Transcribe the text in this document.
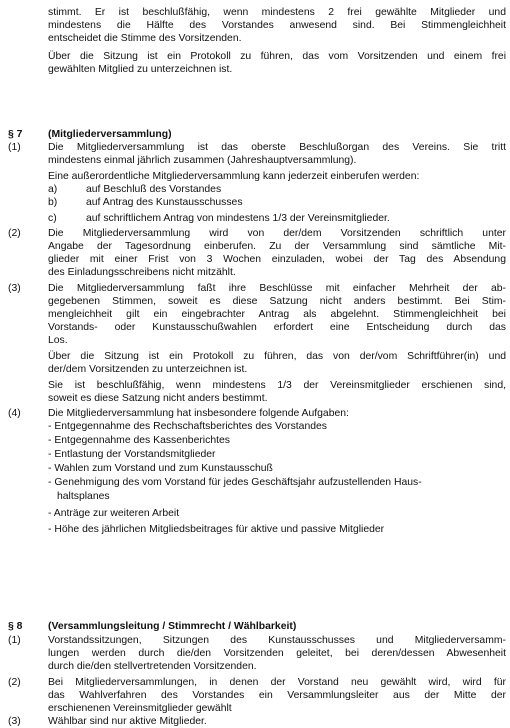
stimmt. Er ist beschlußfähig, wenn mindestens 2 frei gewählte Mitglieder und
mindestens die Hälfte des Vorstandes anwesend sind. Bei Stimmengleichheit
entscheidet die Stimme des Vorsitzenden.
Über die Sitzung ist ein Protokoll zu führen, das vom Vorsitzenden und einem frei
gewählten Mitglied zu unterzeichnen ist.
§ 7 (Mitgliederversammlung)
(1)	Die Mitgliederversammlung ist das oberste Beschlußorgan des Vereins. Sie tritt
mindestens einmal jährlich zusammen (Jahreshauptversammlung).
Eine außerordentliche Mitgliederversammlung kann jederzeit einberufen werden:
a)	auf Beschluß des Vorstandes
b)	auf Antrag des Kunstausschusses
c)	auf schriftlichem Antrag von mindestens 1/3 der Vereinsmitglieder.
(2)	Die Mitgliederversammlung wird von der/dem Vorsitzenden schriftlich unter
Angabe der Tagesordnung einberufen. Zu der Versammlung sind sämtliche Mit-
glieder mit einer Frist von 3 Wochen einzuladen, wobei der Tag des Absendung
des Einladungsschreibens nicht mitzählt.
(3)	Die Mitgliederversammlung faßt ihre Beschlüsse mit einfacher Mehrheit der ab-
gegebenen Stimmen, soweit es diese Satzung nicht anders bestimmt. Bei Stim-
mengleichheit gilt ein eingebrachter Antrag als abgelehnt. Stimmengleichheit bei
Vorstands- oder Kunstausschußwahlen erfordert eine Entscheidung durch das
Los.
Über die Sitzung ist ein Protokoll zu führen, das von der/vom Schriftführer(in) und
der/dem Vorsitzenden zu unterzeichnen ist.
Sie ist beschlußfähig, wenn mindestens 1/3 der Vereinsmitglieder erschienen sind,
soweit es diese Satzung nicht anders bestimmt.
(4)	Die Mitgliederversammlung hat insbesondere folgende Aufgaben:
- Entgegennahme des Rechschaftsberichtes des Vorstandes
- Entgegennahme des Kassenberichtes
- Entlastung der Vorstandsmitglieder
- Wahlen zum Vorstand und zum Kunstausschuß
- Genehmigung des vom Vorstand für jedes Geschäftsjahr aufzustellenden Haus-
haltsplanes
- Anträge zur weiteren Arbeit
- Höhe des jährlichen Mitgliedsbeitrages für aktive und passive Mitglieder
§ 8 (Versammlungsleitung / Stimmrecht / Wählbarkeit)
(1)	Vorstandssitzungen, Sitzungen des Kunstausschusses und Mitgliederversamm-
lungen werden durch die/den Vorsitzenden geleitet, bei deren/dessen Abwesenheit
durch die/den stellvertretenden Vorsitzenden.
(2)	Bei Mitgliederversammlungen, in denen der Vorstand neu gewählt wird, wird für
das Wahlverfahren des Vorstandes ein Versammlungsleiter aus der Mitte der
erschienenen Vereinsmitglieder gewählt
(3)	Wählbar sind nur aktive Mitglieder.
